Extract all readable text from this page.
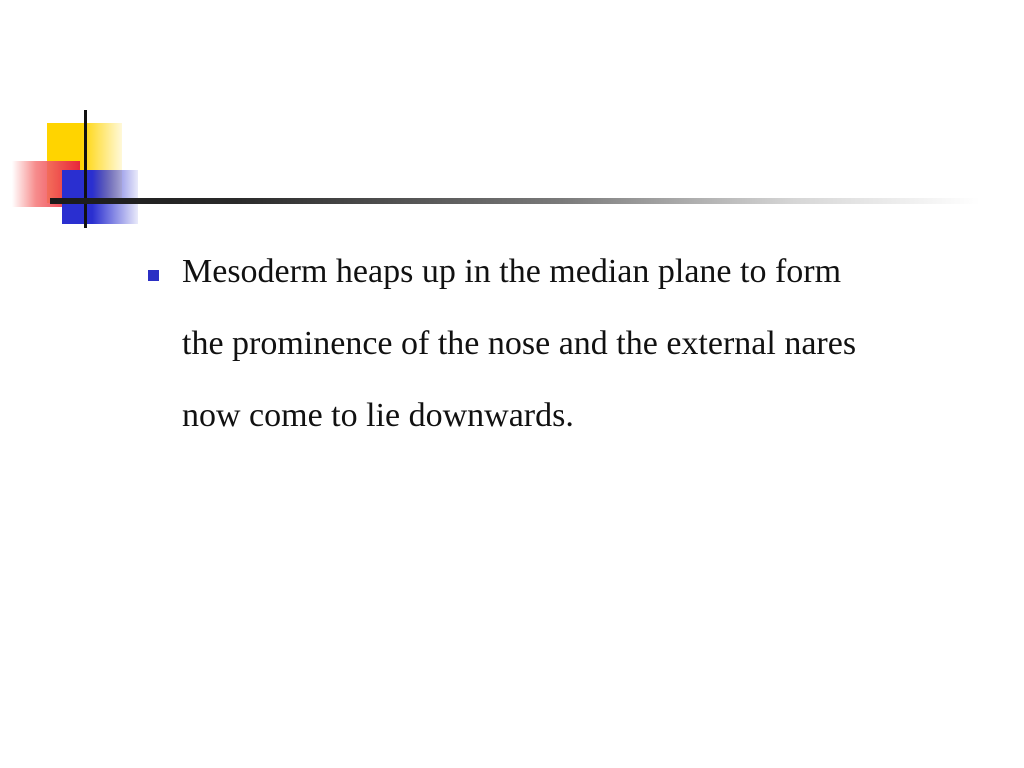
Mesoderm heaps up in the median plane to form the prominence of the nose and the external nares now come to lie downwards.
